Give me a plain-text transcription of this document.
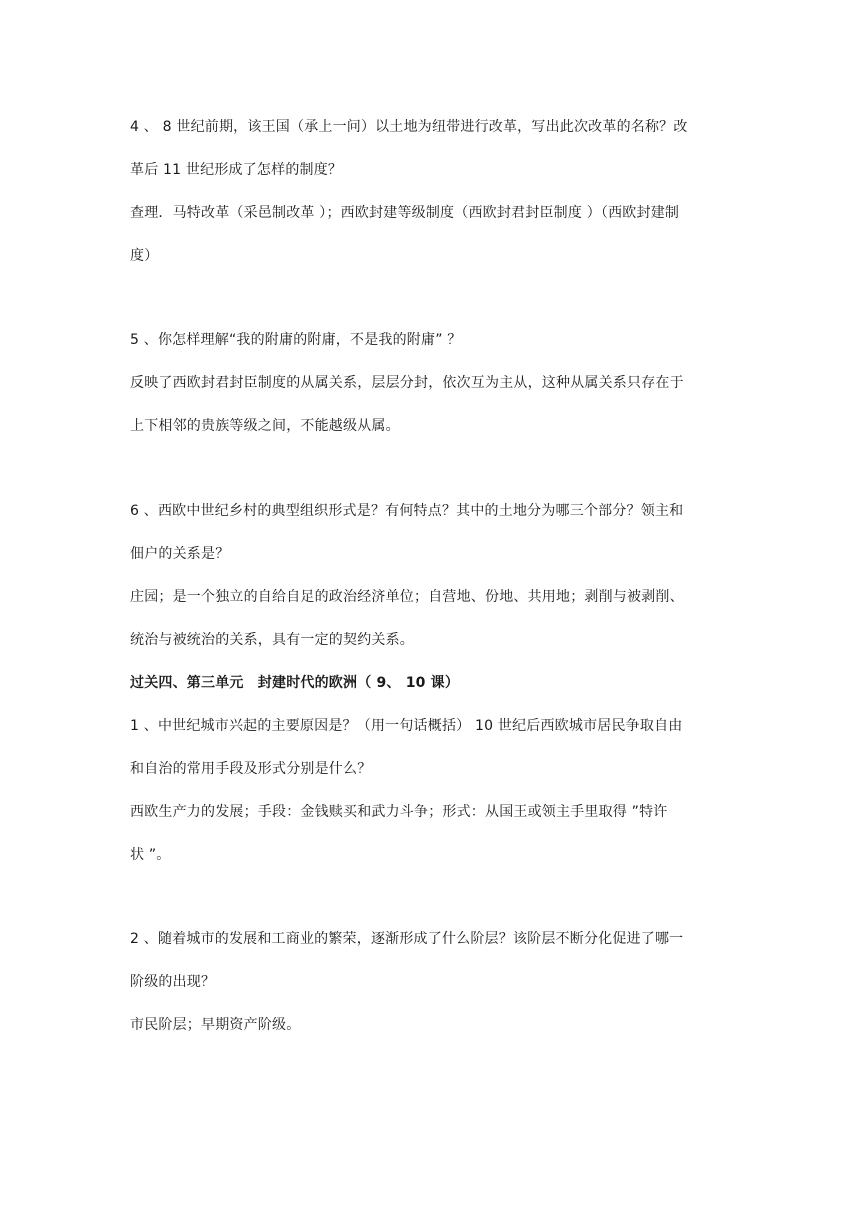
4 、 8 世纪前期，该王国（承上一问）以土地为纽带进行改革，写出此次改革的名称？改
革后 11 世纪形成了怎样的制度？
查理．马特改革（采邑制改革 ）；西欧封建等级制度（西欧封君封臣制度 ）（西欧封建制
度）
5 、你怎样理解“我的附庸的附庸，不是我的附庸” ？
反映了西欧封君封臣制度的从属关系，层层分封，依次互为主从，这种从属关系只存在于
上下相邻的贵族等级之间，不能越级从属。
6 、西欧中世纪乡村的典型组织形式是？有何特点？其中的土地分为哪三个部分？领主和
佃户的关系是？
庄园；是一个独立的自给自足的政治经济单位；自营地、份地、共用地；剥削与被剥削、
统治与被统治的关系，具有一定的契约关系。
过关四、第三单元　封建时代的欧洲（ 9、 10 课）
1 、中世纪城市兴起的主要原因是？（用一句话概括） 10 世纪后西欧城市居民争取自由
和自治的常用手段及形式分别是什么？
西欧生产力的发展；手段：金钱赎买和武力斗争；形式：从国王或领主手里取得 ”特许
状 ”。
2 、随着城市的发展和工商业的繁荣，逐渐形成了什么阶层？该阶层不断分化促进了哪一
阶级的出现？
市民阶层；早期资产阶级。
